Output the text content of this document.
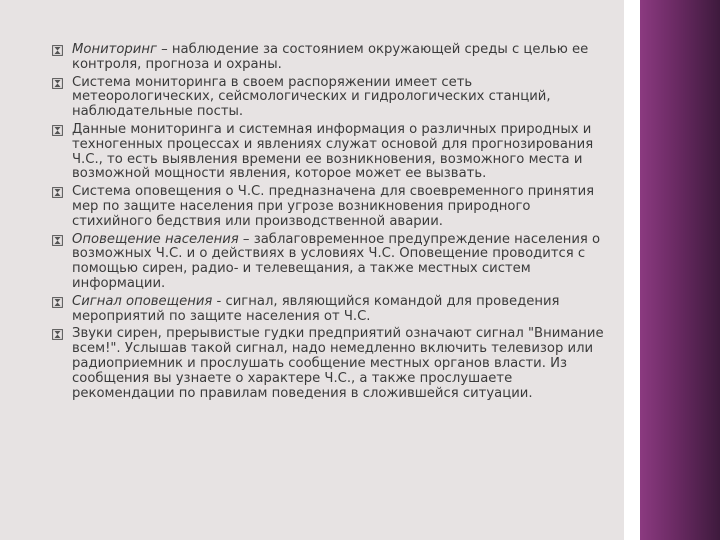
Мониторинг – наблюдение за состоянием окружающей среды с целью ее контроля, прогноза и охраны.
Система мониторинга в своем распоряжении имеет сеть метеорологических, сейсмологических и гидрологических станций, наблюдательные посты.
Данные мониторинга и системная информация о различных природных и техногенных процессах и явлениях служат основой для прогнозирования Ч.С., то есть выявления времени ее возникновения, возможного места и возможной мощности явления, которое может ее вызвать.
Система оповещения о Ч.С. предназначена для своевременного принятия мер по защите населения при угрозе возникновения природного стихийного бедствия или производственной аварии.
Оповещение населения – заблаговременное предупреждение населения о возможных Ч.С. и о действиях в условиях Ч.С. Оповещение проводится с помощью сирен, радио- и телевещания, а также местных систем информации.
Сигнал оповещения - сигнал, являющийся командой для проведения мероприятий по защите населения от Ч.С.
Звуки сирен, прерывистые гудки предприятий означают сигнал "Внимание всем!". Услышав такой сигнал, надо немедленно включить телевизор или радиоприемник и прослушать сообщение местных органов власти. Из сообщения вы узнаете о характере Ч.С., а также прослушаете рекомендации по правилам поведения в сложившейся ситуации.
